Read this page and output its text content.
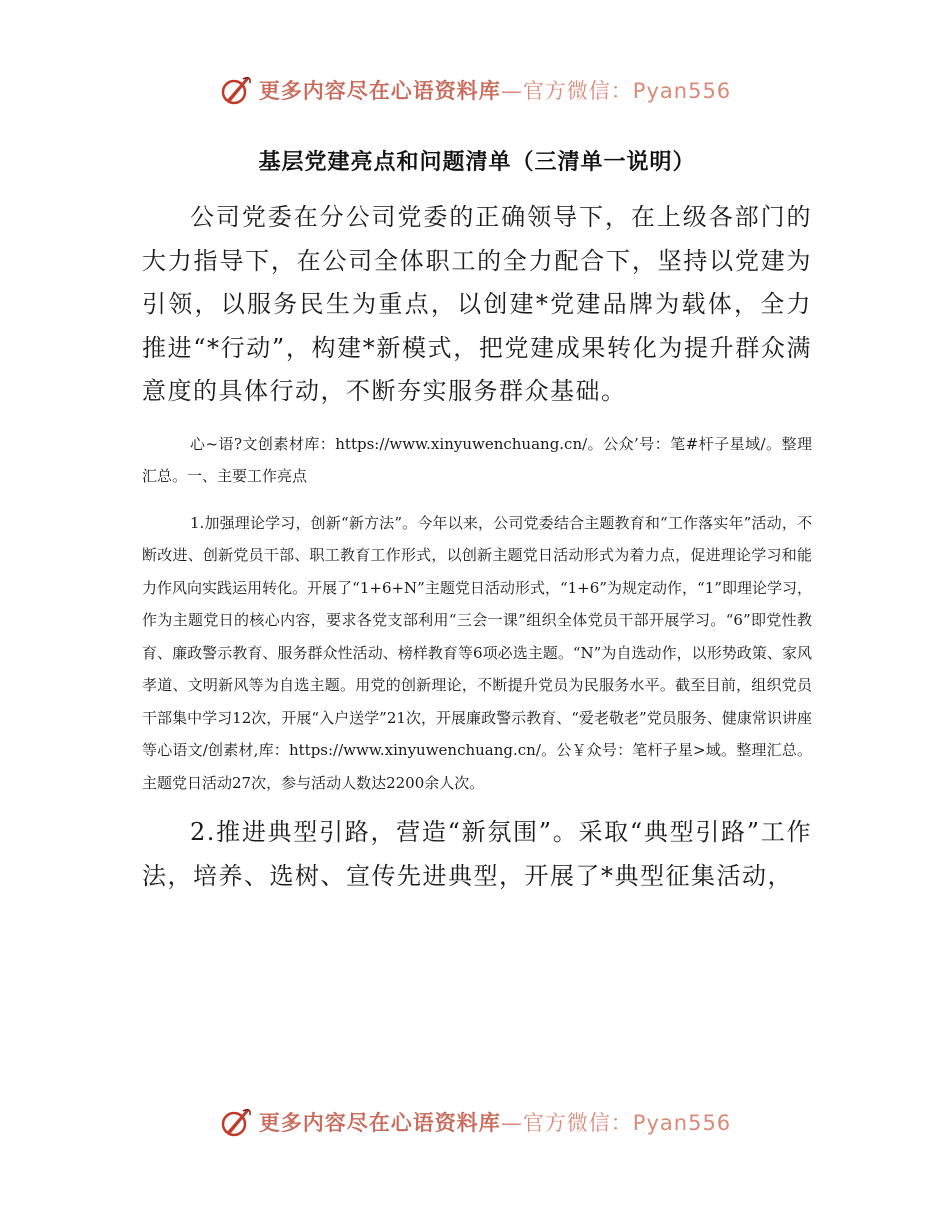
更多内容尽在心语资料库—官方微信：Pyan556
基层党建亮点和问题清单（三清单一说明）

公司党委在分公司党委的正确领导下，在上级各部门的大力指导下，在公司全体职工的全力配合下，坚持以党建为引领，以服务民生为重点，以创建*党建品牌为载体，全力推进“*行动”，构建*新模式，把党建成果转化为提升群众满意度的具体行动，不断夯实服务群众基础。

心~语?文创素材库：https://www.xinyuwenchuang.cn/。公众’号：笔#杆子星域/。整理汇总。一、主要工作亮点

1.加强理论学习，创新“新方法”。今年以来，公司党委结合主题教育和“工作落实年”活动，不断改进、创新党员干部、职工教育工作形式，以创新主题党日活动形式为着力点，促进理论学习和能力作风向实践运用转化。开展了“1+6+N”主题党日活动形式，“1+6”为规定动作，“1”即理论学习，作为主题党日的核心内容，要求各党支部利用“三会一课”组织全体党员干部开展学习。“6”即党性教育、廉政警示教育、服务群众性活动、榜样教育等6项必选主题。“N”为自选动作，以形势政策、家风孝道、文明新风等为自选主题。用党的创新理论，不断提升党员为民服务水平。截至目前，组织党员干部集中学习12次，开展“入户送学”21次，开展廉政警示教育、“爱老敬老”党员服务、健康常识讲座等心语文/创素材,库：https://www.xinyuwenchuang.cn/。公￥众号：笔杆子星>域。整理汇总。主题党日活动27次，参与活动人数达2200余人次。

2.推进典型引路，营造“新氛围”。采取“典型引路”工作法，培养、选树、宣传先进典型，开展了*典型征集活动，

更多内容尽在心语资料库—官方微信：Pyan556
